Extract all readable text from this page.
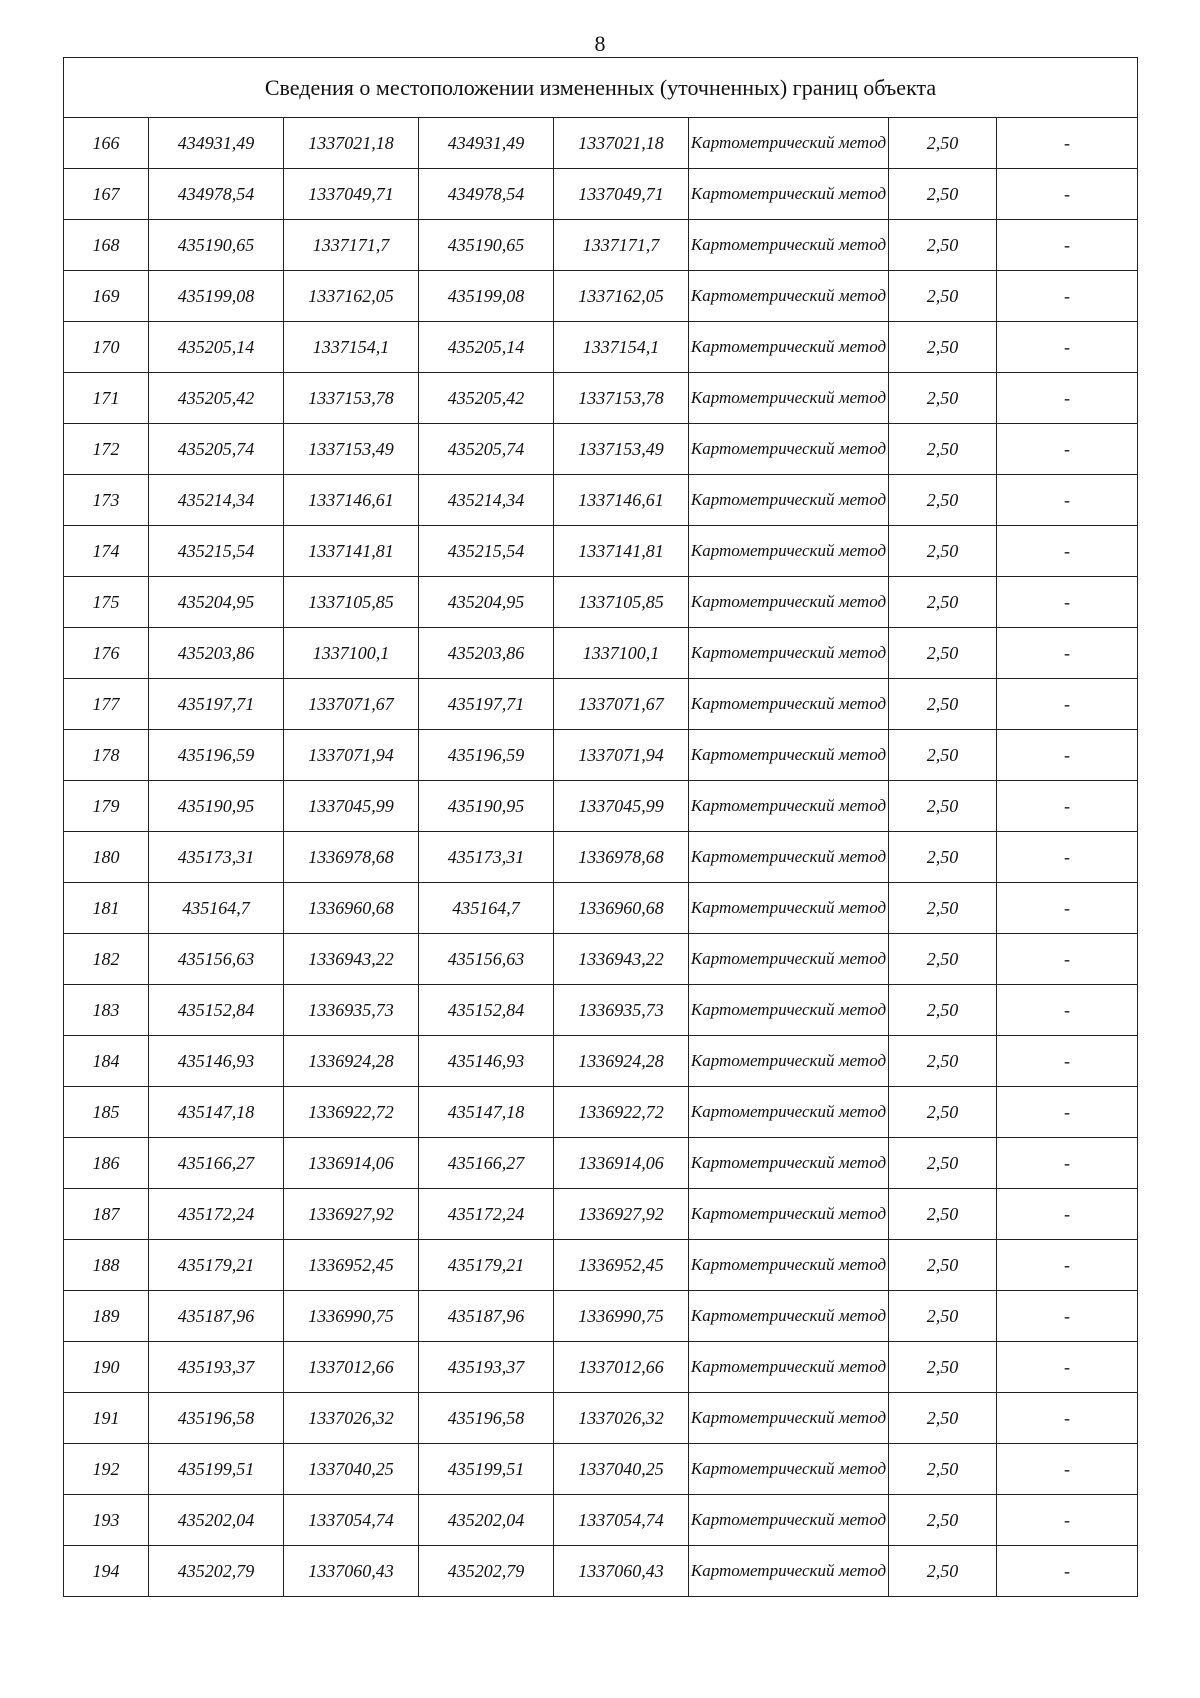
8
Сведения о местоположении измененных (уточненных) границ объекта							
166	434931,49	1337021,18	434931,49	1337021,18	Картометрический метод	2,50	-
167	434978,54	1337049,71	434978,54	1337049,71	Картометрический метод	2,50	-
168	435190,65	1337171,7	435190,65	1337171,7	Картометрический метод	2,50	-
169	435199,08	1337162,05	435199,08	1337162,05	Картометрический метод	2,50	-
170	435205,14	1337154,1	435205,14	1337154,1	Картометрический метод	2,50	-
171	435205,42	1337153,78	435205,42	1337153,78	Картометрический метод	2,50	-
172	435205,74	1337153,49	435205,74	1337153,49	Картометрический метод	2,50	-
173	435214,34	1337146,61	435214,34	1337146,61	Картометрический метод	2,50	-
174	435215,54	1337141,81	435215,54	1337141,81	Картометрический метод	2,50	-
175	435204,95	1337105,85	435204,95	1337105,85	Картометрический метод	2,50	-
176	435203,86	1337100,1	435203,86	1337100,1	Картометрический метод	2,50	-
177	435197,71	1337071,67	435197,71	1337071,67	Картометрический метод	2,50	-
178	435196,59	1337071,94	435196,59	1337071,94	Картометрический метод	2,50	-
179	435190,95	1337045,99	435190,95	1337045,99	Картометрический метод	2,50	-
180	435173,31	1336978,68	435173,31	1336978,68	Картометрический метод	2,50	-
181	435164,7	1336960,68	435164,7	1336960,68	Картометрический метод	2,50	-
182	435156,63	1336943,22	435156,63	1336943,22	Картометрический метод	2,50	-
183	435152,84	1336935,73	435152,84	1336935,73	Картометрический метод	2,50	-
184	435146,93	1336924,28	435146,93	1336924,28	Картометрический метод	2,50	-
185	435147,18	1336922,72	435147,18	1336922,72	Картометрический метод	2,50	-
186	435166,27	1336914,06	435166,27	1336914,06	Картометрический метод	2,50	-
187	435172,24	1336927,92	435172,24	1336927,92	Картометрический метод	2,50	-
188	435179,21	1336952,45	435179,21	1336952,45	Картометрический метод	2,50	-
189	435187,96	1336990,75	435187,96	1336990,75	Картометрический метод	2,50	-
190	435193,37	1337012,66	435193,37	1337012,66	Картометрический метод	2,50	-
191	435196,58	1337026,32	435196,58	1337026,32	Картометрический метод	2,50	-
192	435199,51	1337040,25	435199,51	1337040,25	Картометрический метод	2,50	-
193	435202,04	1337054,74	435202,04	1337054,74	Картометрический метод	2,50	-
194	435202,79	1337060,43	435202,79	1337060,43	Картометрический метод	2,50	-
